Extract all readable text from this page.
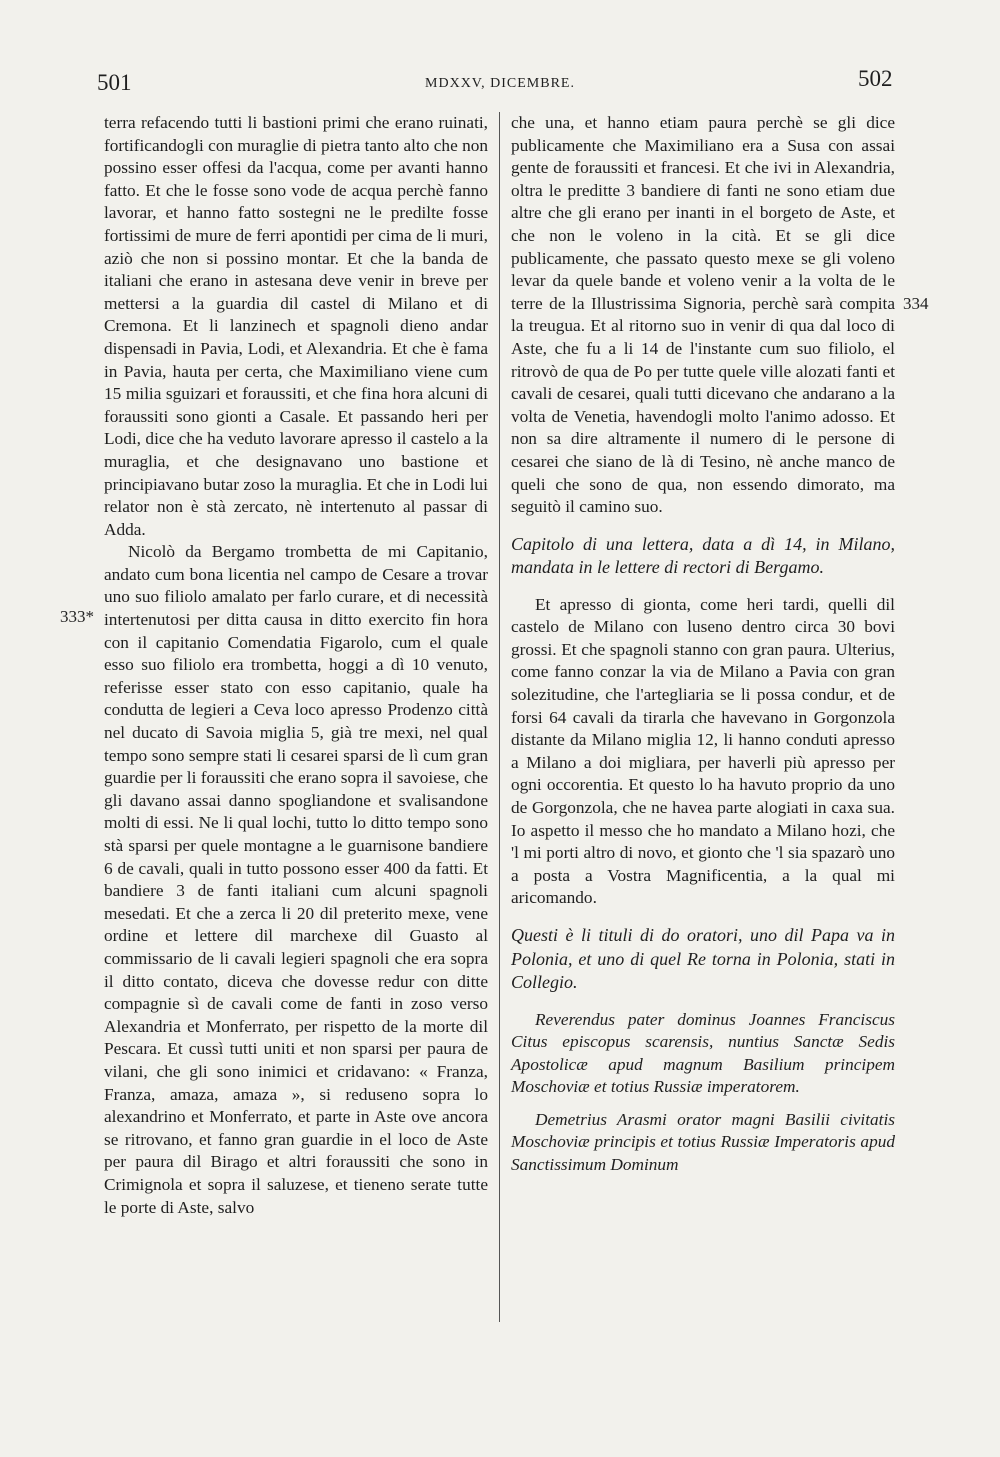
501	MDXXV, DICEMBRE.	502
333*
334

terra refacendo tutti li bastioni primi che erano ruinati, fortificandogli con muraglie di pietra tanto alto che non possino esser offesi da l'acqua, come per avanti hanno fatto. Et che le fosse sono vode de acqua perchè fanno lavorar, et hanno fatto sostegni ne le predilte fosse fortissimi de mure de ferri apontidi per cima de li muri, aziò che non si possino montar. Et che la banda de italiani che erano in astesana deve venir in breve per mettersi a la guardia dil castel di Milano et di Cremona. Et li lanzinech et spagnoli dieno andar dispensadi in Pavia, Lodi, et Alexandria. Et che è fama in Pavia, hauta per certa, che Maximiliano viene cum 15 milia sguizari et foraussiti, et che fina hora alcuni di foraussiti sono gionti a Casale. Et passando heri per Lodi, dice che ha veduto lavorare apresso il castelo a la muraglia, et che designavano uno bastione et principiavano butar zoso la muraglia. Et che in Lodi lui relator non è stà zercato, nè intertenuto al passar di Adda.

Nicolò da Bergamo trombetta de mi Capitanio, andato cum bona licentia nel campo de Cesare a trovar uno suo filiolo amalato per farlo curare, et di necessità intertenutosi per ditta causa in ditto exercito fin hora con il capitanio Comendatia Figarolo, cum el quale esso suo filiolo era trombetta, hoggi a dì 10 venuto, referisse esser stato con esso capitanio, quale ha condutta de legieri a Ceva loco apresso Prodenzo città nel ducato di Savoia miglia 5, già tre mexi, nel qual tempo sono sempre stati li cesarei sparsi de lì cum gran guardie per li foraussiti che erano sopra il savoiese, che gli davano assai danno spogliandone et svalisandone molti di essi. Ne li qual lochi, tutto lo ditto tempo sono stà sparsi per quele montagne a le guarnisone bandiere 6 de cavali, quali in tutto possono esser 400 da fatti. Et bandiere 3 de fanti italiani cum alcuni spagnoli mesedati. Et che a zerca li 20 dil preterito mexe, vene ordine et lettere dil marchexe dil Guasto al commissario de li cavali legieri spagnoli che era sopra il ditto contato, diceva che dovesse redur con ditte compagnie sì de cavali come de fanti in zoso verso Alexandria et Monferrato, per rispetto de la morte dil Pescara. Et cussì tutti uniti et non sparsi per paura de vilani, che gli sono inimici et cridavano: « Franza, Franza, amaza, amaza », si reduseno sopra lo alexandrino et Monferrato, et parte in Aste ove ancora se ritrovano, et fanno gran guardie in el loco de Aste per paura dil Birago et altri foraussiti che sono in Crimignola et sopra il saluzese, et tieneno serate tutte le porte di Aste, salvo

che una, et hanno etiam paura perchè se gli dice publicamente che Maximiliano era a Susa con assai gente de foraussiti et francesi. Et che ivi in Alexandria, oltra le preditte 3 bandiere di fanti ne sono etiam due altre che gli erano per inanti in el borgeto de Aste, et che non le voleno in la cità. Et se gli dice publicamente, che passato questo mexe se gli voleno levar da quele bande et voleno venir a la volta de le terre de la Illustrissima Signoria, perchè sarà compita la treugua. Et al ritorno suo in venir di qua dal loco di Aste, che fu a li 14 de l'instante cum suo filiolo, el ritrovò de qua de Po per tutte quele ville alozati fanti et cavali de cesarei, quali tutti dicevano che andarano a la volta de Venetia, havendogli molto l'animo adosso. Et non sa dire altramente il numero di le persone di cesarei che siano de là di Tesino, nè anche manco de queli che sono de qua, non essendo dimorato, ma seguitò il camino suo.

Capitolo di una lettera, data a dì 14, in Milano, mandata in le lettere di rectori di Bergamo.

Et apresso di gionta, come heri tardi, quelli dil castelo de Milano con luseno dentro circa 30 bovi grossi. Et che spagnoli stanno con gran paura. Ulterius, come fanno conzar la via de Milano a Pavia con gran solezitudine, che l'artegliaria se li possa condur, et de forsi 64 cavali da tirarla che havevano in Gorgonzola distante da Milano miglia 12, li hanno conduti apresso a Milano a doi migliara, per haverli più apresso per ogni occorentia. Et questo lo ha havuto proprio da uno de Gorgonzola, che ne havea parte alogiati in caxa sua. Io aspetto il messo che ho mandato a Milano hozi, che 'l mi porti altro di novo, et gionto che 'l sia spazarò uno a posta a Vostra Magnificentia, a la qual mi aricomando.

Questi è li tituli di do oratori, uno dil Papa va in Polonia, et uno di quel Re torna in Polonia, stati in Collegio.

Reverendus pater dominus Joannes Franciscus Citus episcopus scarensis, nuntius Sanctæ Sedis Apostolicæ apud magnum Basilium principem Moschoviæ et totius Russiæ imperatorem.

Demetrius Arasmi orator magni Basilii civitatis Moschoviæ principis et totius Russiæ Imperatoris apud Sanctissimum Dominum
